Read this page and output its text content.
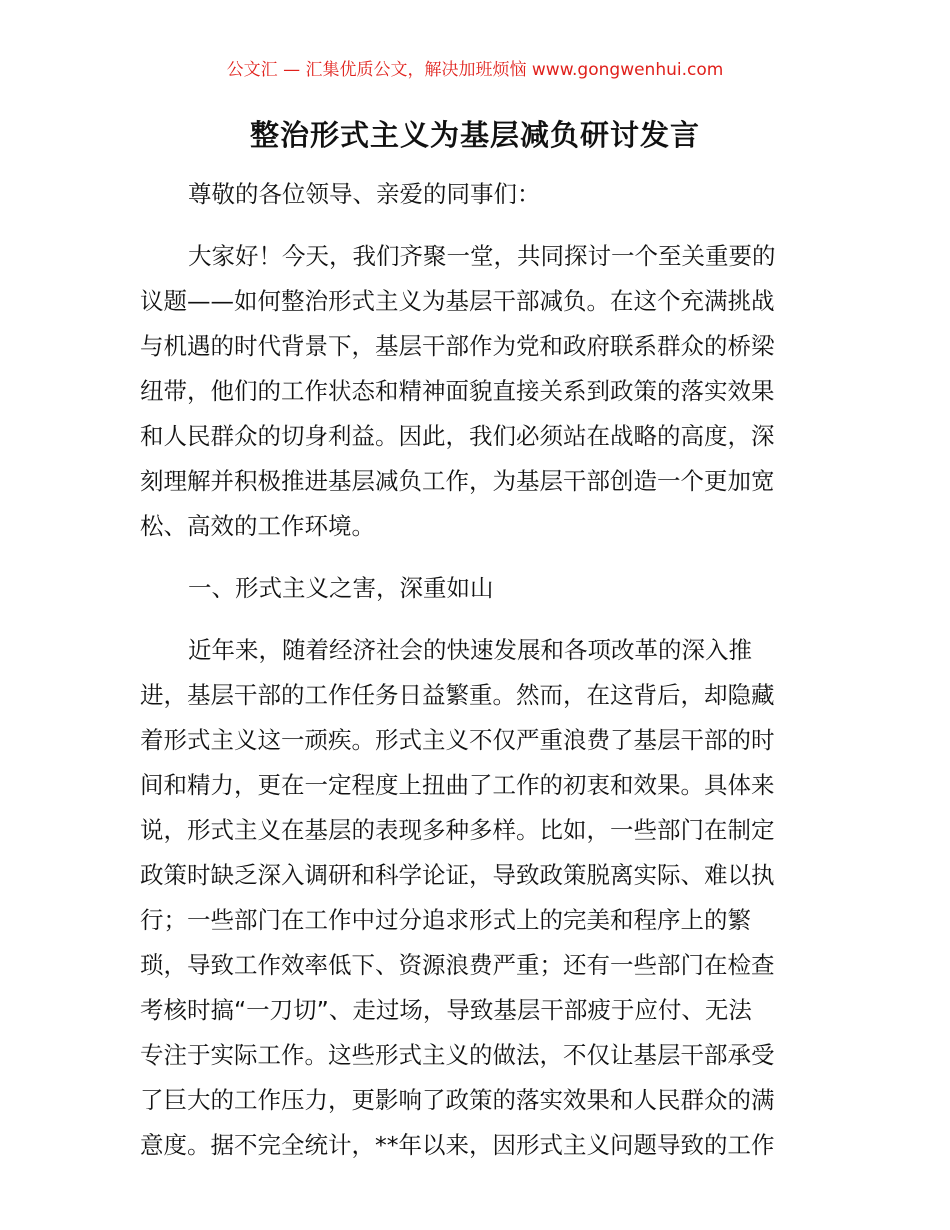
公文汇 — 汇集优质公文，解决加班烦恼 www.gongwenhui.com
整治形式主义为基层减负研讨发言
尊敬的各位领导、亲爱的同事们：
大家好！今天，我们齐聚一堂，共同探讨一个至关重要的
议题——如何整治形式主义为基层干部减负。在这个充满挑战
与机遇的时代背景下，基层干部作为党和政府联系群众的桥梁
纽带，他们的工作状态和精神面貌直接关系到政策的落实效果
和人民群众的切身利益。因此，我们必须站在战略的高度，深
刻理解并积极推进基层减负工作，为基层干部创造一个更加宽
松、高效的工作环境。
一、形式主义之害，深重如山
近年来，随着经济社会的快速发展和各项改革的深入推
进，基层干部的工作任务日益繁重。然而，在这背后，却隐藏
着形式主义这一顽疾。形式主义不仅严重浪费了基层干部的时
间和精力，更在一定程度上扭曲了工作的初衷和效果。具体来
说，形式主义在基层的表现多种多样。比如，一些部门在制定
政策时缺乏深入调研和科学论证，导致政策脱离实际、难以执
行；一些部门在工作中过分追求形式上的完美和程序上的繁
琐，导致工作效率低下、资源浪费严重；还有一些部门在检查
考核时搞“一刀切”、走过场，导致基层干部疲于应付、无法
专注于实际工作。这些形式主义的做法，不仅让基层干部承受
了巨大的工作压力，更影响了政策的落实效果和人民群众的满
意度。据不完全统计，**年以来，因形式主义问题导致的工作
